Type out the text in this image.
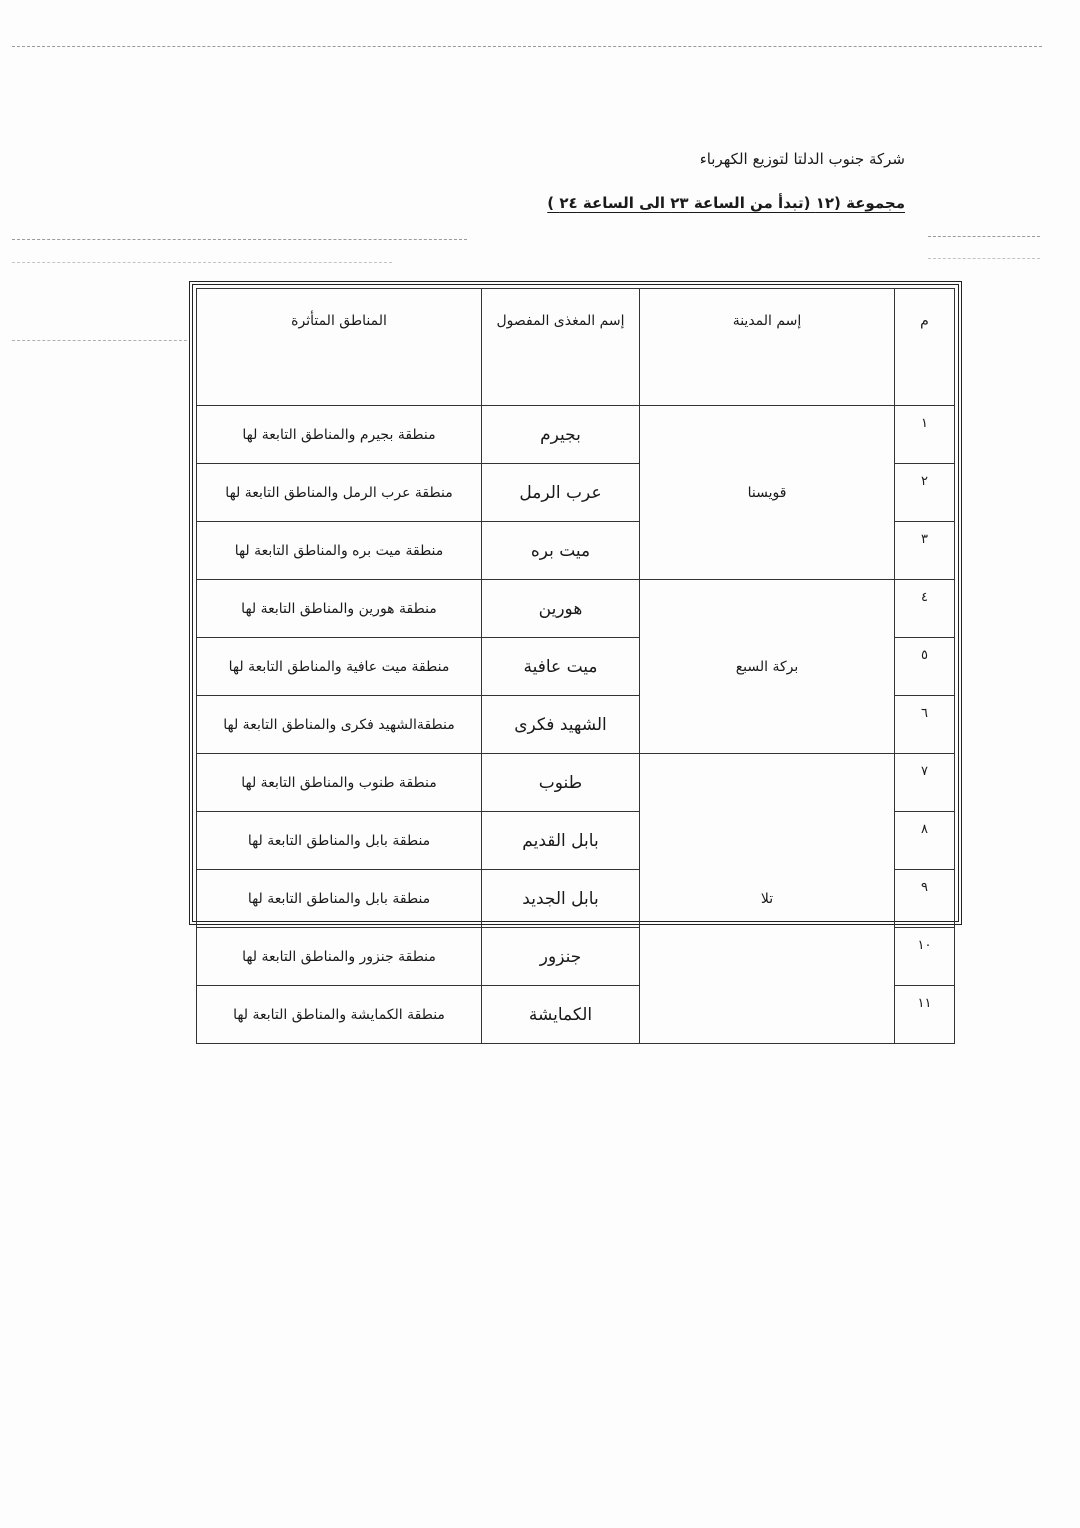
شركة جنوب الدلتا لتوزيع الكهرباء
مجموعة (١٢ (تبدأ من الساعة ٢٣ الى الساعة ٢٤ )
م	إسم المدينة	إسم المغذى المفصول	المناطق المتأثرة
١	قويسنا	بجيرم	منطقة بجيرم والمناطق التابعة لها
٢		عرب الرمل	منطقة عرب الرمل والمناطق التابعة لها
٣		ميت بره	منطقة ميت بره والمناطق التابعة لها
٤	بركة السبع	هورين	منطقة هورين والمناطق التابعة لها
٥		ميت عافية	منطقة ميت عافية والمناطق التابعة لها
٦		الشهيد فكرى	منطقةالشهيد فكرى والمناطق التابعة لها
٧	تلا	طنوب	منطقة طنوب والمناطق التابعة لها
٨		بابل القديم	منطقة بابل والمناطق التابعة لها
٩		بابل الجديد	منطقة بابل والمناطق التابعة لها
١٠		جنزور	منطقة جنزور والمناطق التابعة لها
١١		الكمايشة	منطقة الكمايشة والمناطق التابعة لها
